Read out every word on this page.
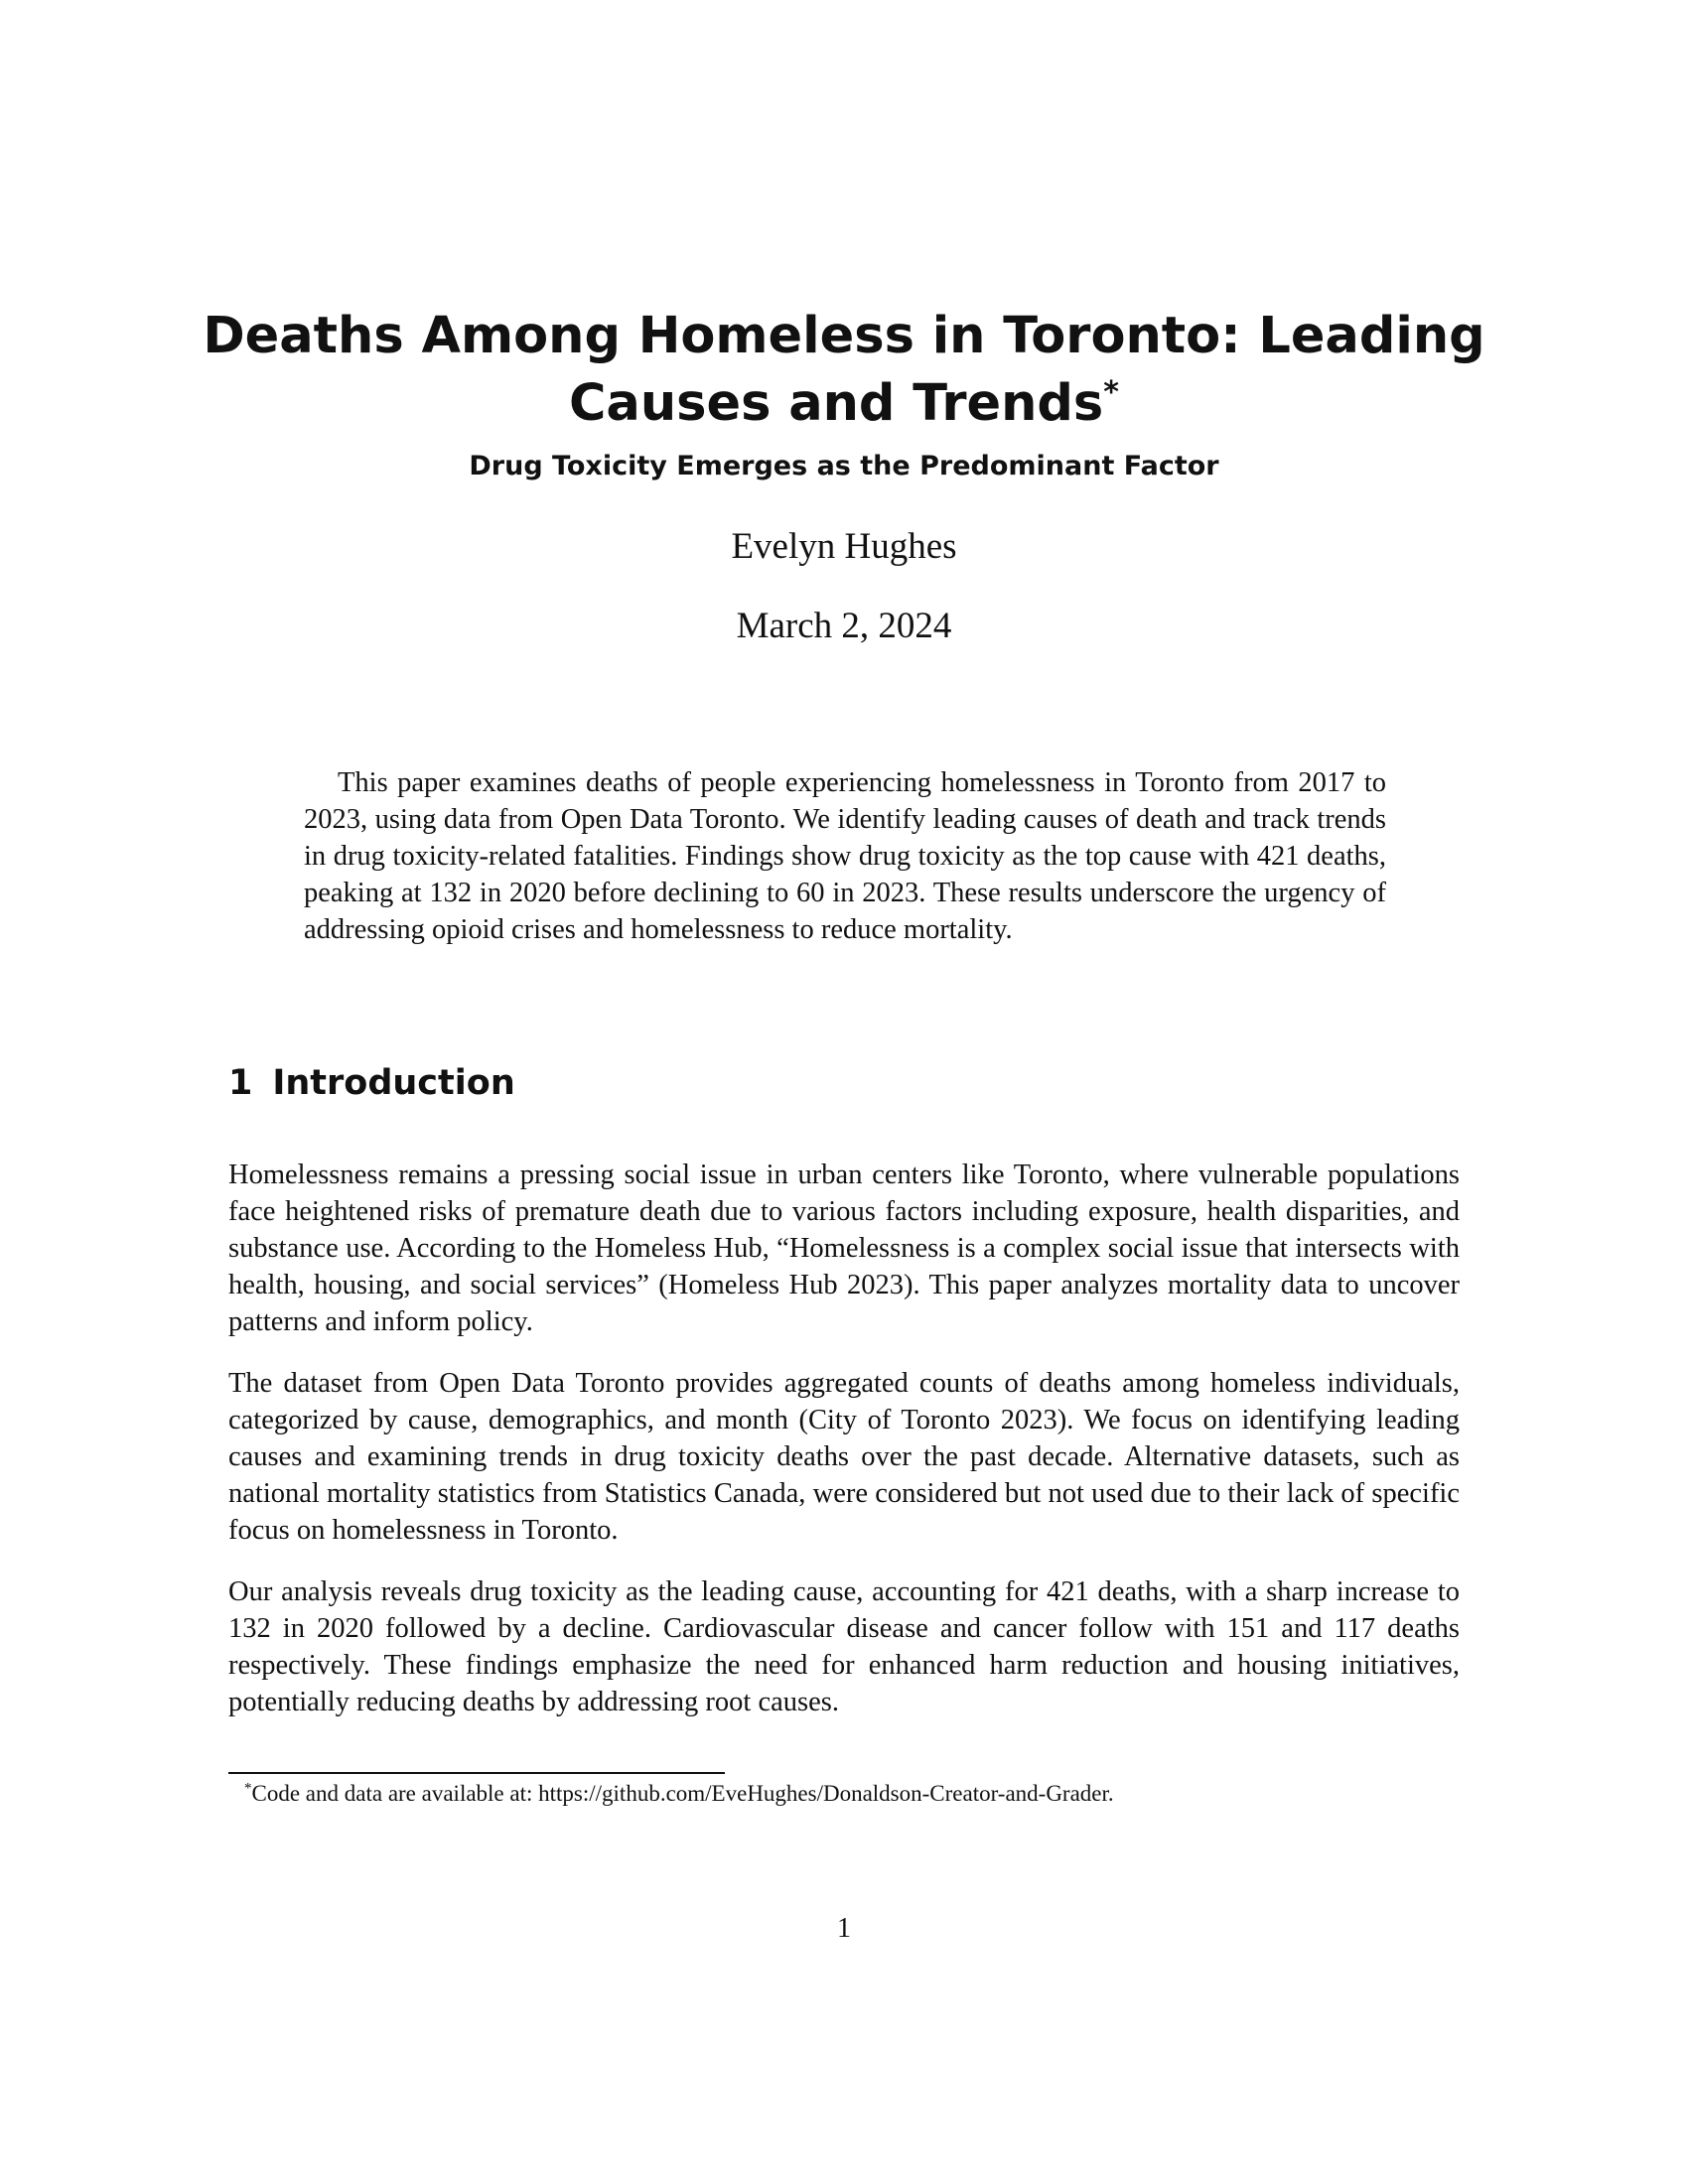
Deaths Among Homeless in Toronto: Leading
Causes and Trends*
Drug Toxicity Emerges as the Predominant Factor
Evelyn Hughes
March 2, 2024

This paper examines deaths of people experiencing homelessness in Toronto from 2017 to 2023, using data from Open Data Toronto. We identify leading causes of death and track trends in drug toxicity-related fatalities. Findings show drug toxicity as the top cause with 421 deaths, peaking at 132 in 2020 before declining to 60 in 2023. These results underscore the urgency of addressing opioid crises and homelessness to reduce mortality.

1 Introduction

Homelessness remains a pressing social issue in urban centers like Toronto, where vulnerable populations face heightened risks of premature death due to various factors including exposure, health disparities, and substance use. According to the Homeless Hub, “Homelessness is a complex social issue that intersects with health, housing, and social services” (Homeless Hub 2023). This paper analyzes mortality data to uncover patterns and inform policy.

The dataset from Open Data Toronto provides aggregated counts of deaths among homeless individuals, categorized by cause, demographics, and month (City of Toronto 2023). We focus on identifying leading causes and examining trends in drug toxicity deaths over the past decade. Alternative datasets, such as national mortality statistics from Statistics Canada, were considered but not used due to their lack of specific focus on homelessness in Toronto.

Our analysis reveals drug toxicity as the leading cause, accounting for 421 deaths, with a sharp increase to 132 in 2020 followed by a decline. Cardiovascular disease and cancer follow with 151 and 117 deaths respectively. These findings emphasize the need for enhanced harm reduction and housing initiatives, potentially reducing deaths by addressing root causes.

*Code and data are available at: https://github.com/EveHughes/Donaldson-Creator-and-Grader.

1
